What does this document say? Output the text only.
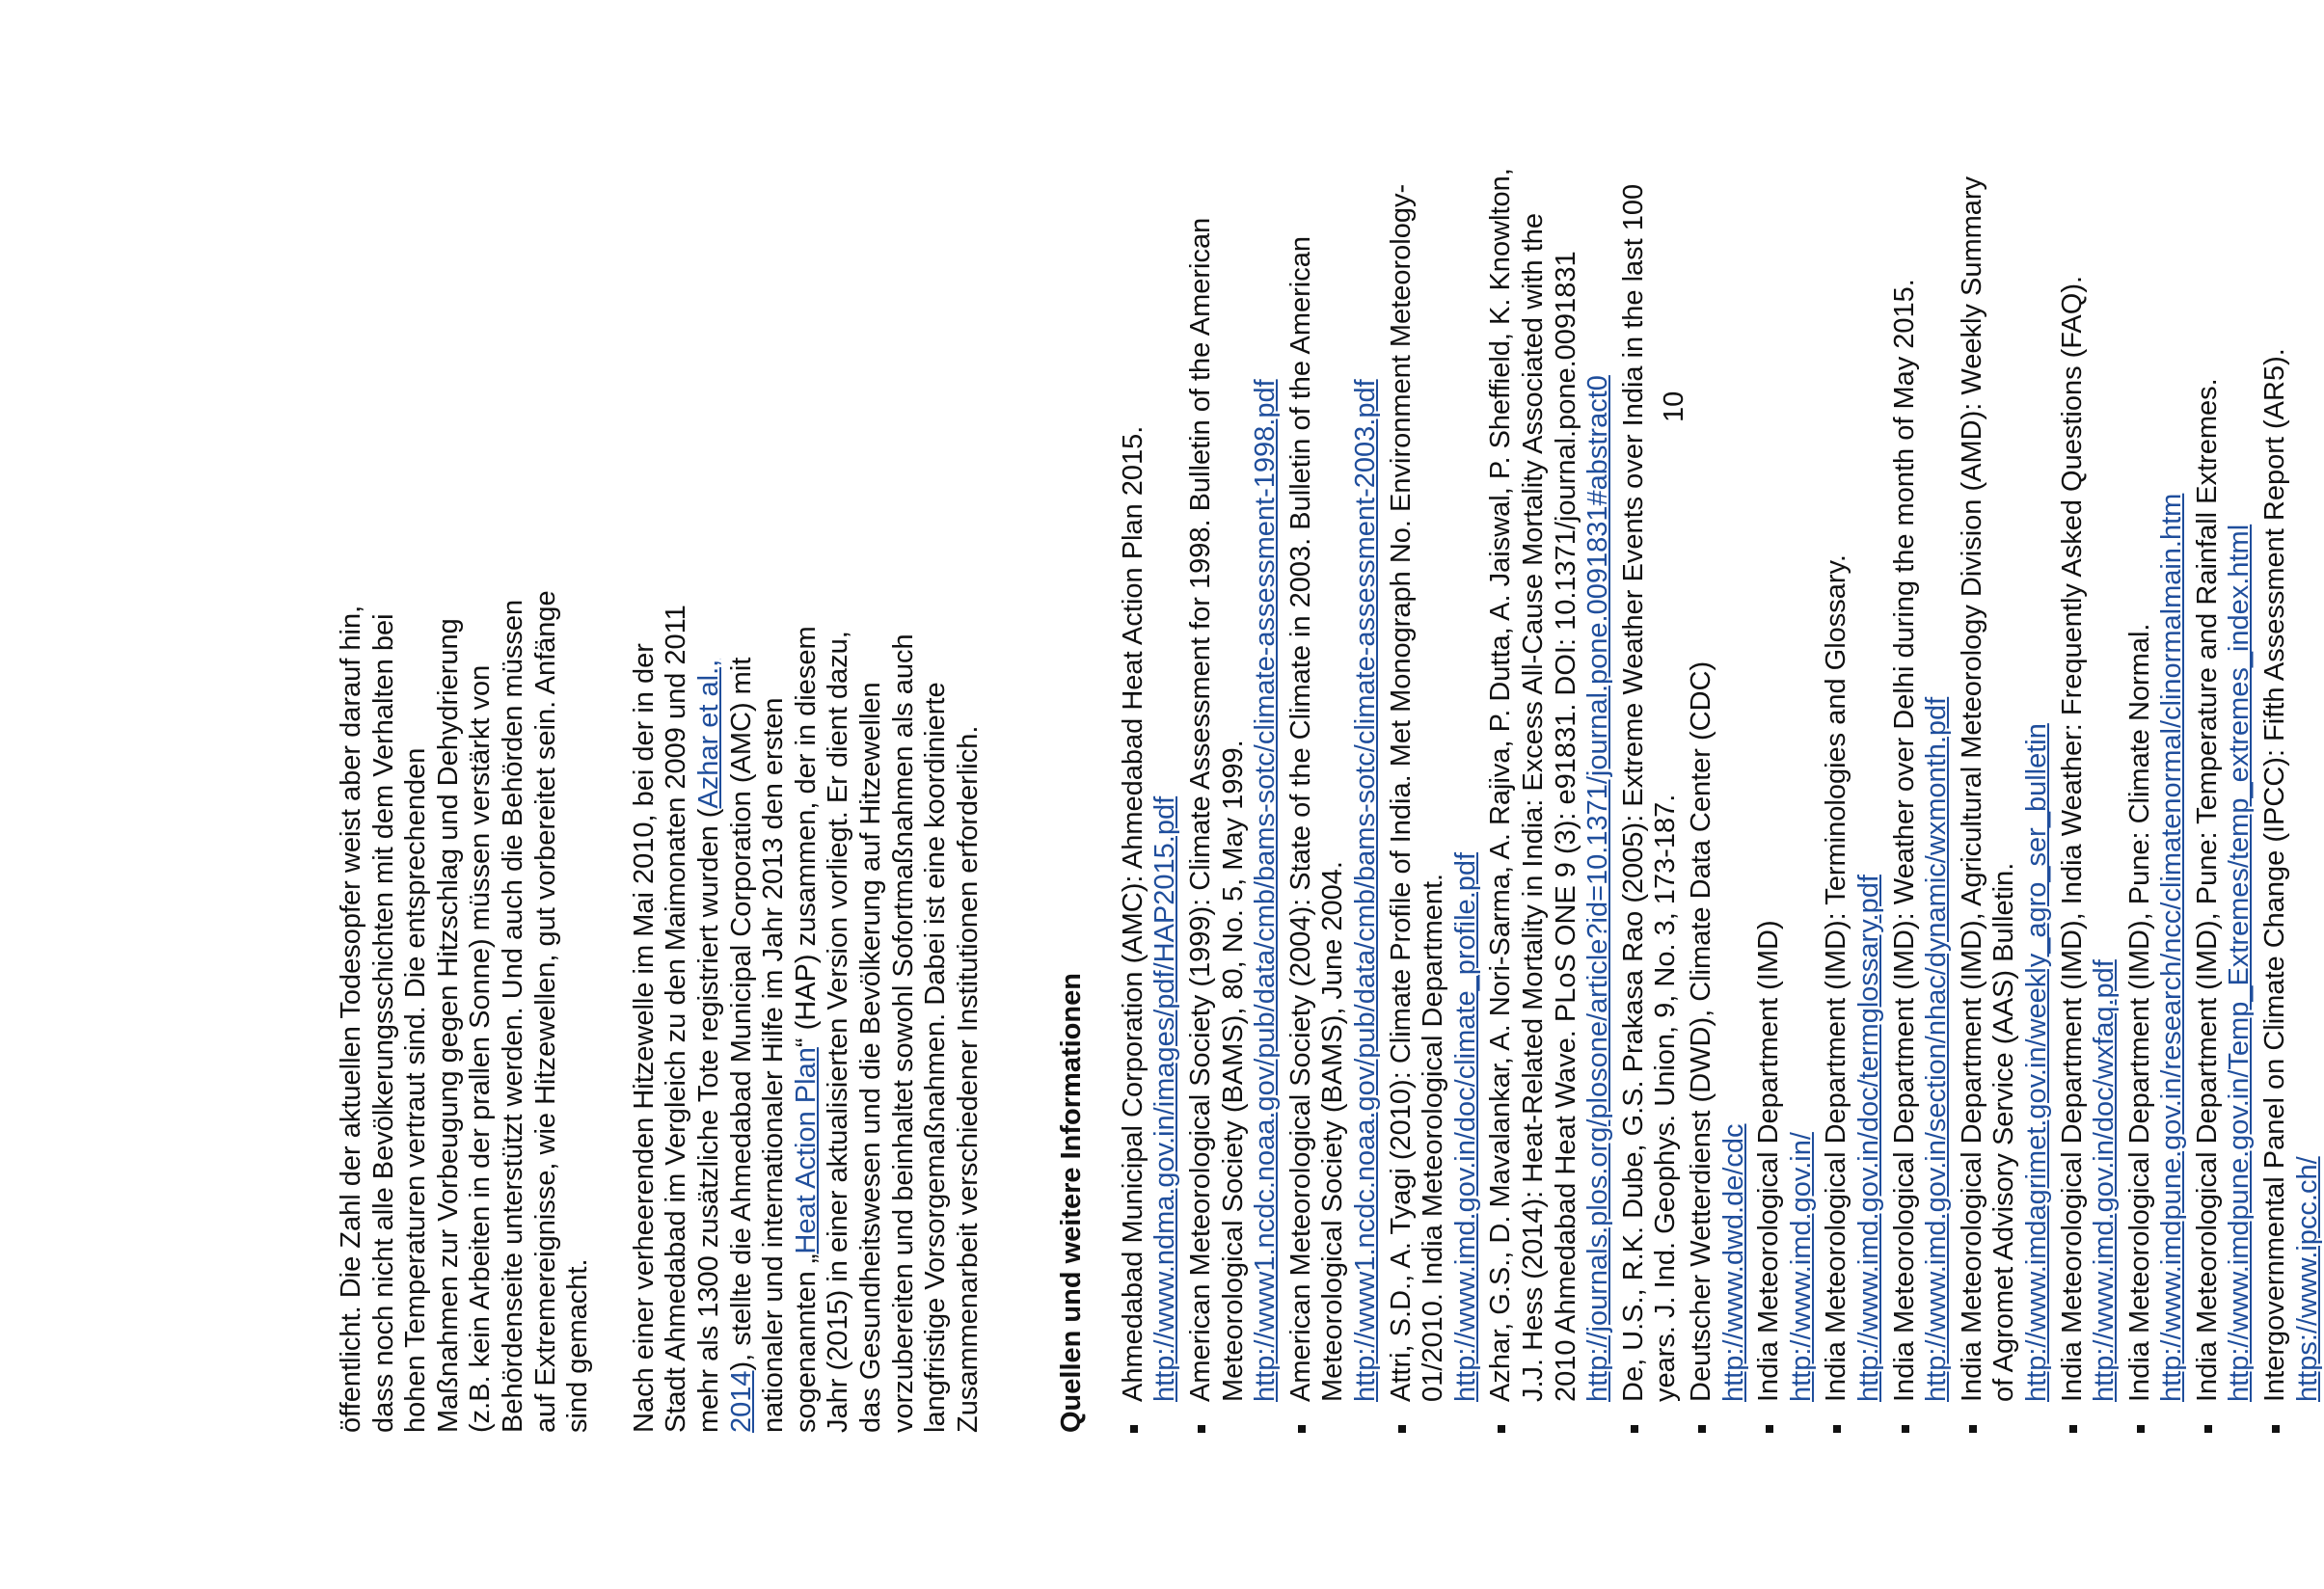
öffentlicht. Die Zahl der aktuellen Todesopfer weist aber darauf hin, dass noch nicht alle Bevölkerungsschichten mit dem Verhalten bei hohen Temperaturen vertraut sind. Die entsprechenden Maßnahmen zur Vorbeugung gegen Hitzschlag und Dehydrierung (z.B. kein Arbeiten in der prallen Sonne) müssen verstärkt von Behördenseite unterstützt werden. Und auch die Behörden müssen auf Extremereignisse, wie Hitzewellen, gut vorbereitet sein. Anfänge sind gemacht. Nach einer verheerenden Hitzewelle im Mai 2010, bei der in der Stadt Ahmedabad im Vergleich zu den Maimonaten 2009 und 2011 mehr als 1300 zusätzliche Tote registriert wurden (Azhar et al., 2014), stellte die Ahmedabad Municipal Corporation (AMC) mit nationaler und internationaler Hilfe im Jahr 2013 den ersten sogenannten „Heat Action Plan“ (HAP) zusammen, der in diesem Jahr (2015) in einer aktualisierten Version vorliegt. Er dient dazu, das Gesundheitswesen und die Bevölkerung auf Hitzewellen vorzubereiten und beinhaltet sowohl Sofortmaßnahmen als auch langfristige Vorsorgemaßnahmen. Dabei ist eine koordinierte Zusammenarbeit verschiedener Institutionen erforderlich.	Quellen und weitere Informationen Ahmedabad Municipal Corporation (AMC): Ahmedabad Heat Action Plan 2015.
http://www.ndma.gov.in/images/pdf/HAP2015.pdf American Meteorological Society (1999): Climate Assessment for 1998. Bulletin of the American Meteorological Society (BAMS), 80, No. 5, May 1999.
http://www1.ncdc.noaa.gov/pub/data/cmb/bams-sotc/climate-assessment-1998.pdf American Meteorological Society (2004): State of the Climate in 2003. Bulletin of the American Meteorological Society (BAMS), June 2004.
http://www1.ncdc.noaa.gov/pub/data/cmb/bams-sotc/climate-assessment-2003.pdf Attri, S.D., A. Tyagi (2010): Climate Profile of India. Met Monograph No. Environment Meteorology-01/2010. India Meteorological Department.
http://www.imd.gov.in/doc/climate_profile.pdf Azhar, G.S., D. Mavalankar, A. Nori-Sarma, A. Rajiva, P. Dutta, A. Jaiswal, P. Sheffield, K. Knowlton, J.J. Hess (2014): Heat-Related Mortality in India: Excess All-Cause Mortality Associated with the 2010 Ahmedabad Heat Wave. PLoS ONE 9 (3): e91831. DOI: 10.1371/journal.pone.0091831
http://journals.plos.org/plosone/article?id=10.1371/journal.pone.0091831#abstract0 De, U.S., R.K. Dube, G.S. Prakasa Rao (2005): Extreme Weather Events over India in the last 100 years. J. Ind. Geophys. Union, 9, No. 3, 173-187. Deutscher Wetterdienst (DWD), Climate Data Center (CDC)
http://www.dwd.de/cdc India Meteorological Department (IMD)
http://www.imd.gov.in/ India Meteorological Department (IMD): Terminologies and Glossary.
http://www.imd.gov.in/doc/termglossary.pdf India Meteorological Department (IMD): Weather over Delhi during the month of May 2015.
http://www.imd.gov.in/section/nhac/dynamic/wxmonth.pdf India Meteorological Department (IMD), Agricultural Meteorology Division (AMD): Weekly Summary of Agromet Advisory Service (AAS) Bulletin.
http://www.imdagrimet.gov.in/weekly_agro_ser_bulletin India Meteorological Department (IMD), India Weather: Frequently Asked Questions (FAQ).
http://www.imd.gov.in/doc/wxfaq.pdf India Meteorological Department (IMD), Pune: Climate Normal.
http://www.imdpune.gov.in/research/ncc/climatenormal/clinormalmain.htm India Meteorological Department (IMD), Pune: Temperature and Rainfall Extremes.
http://www.imdpune.gov.in/Temp_Extremes/temp_extremes_index.html Intergovernmental Panel on Climate Change (IPCC): Fifth Assessment Report (AR5).
https://www.ipcc.ch/
10
